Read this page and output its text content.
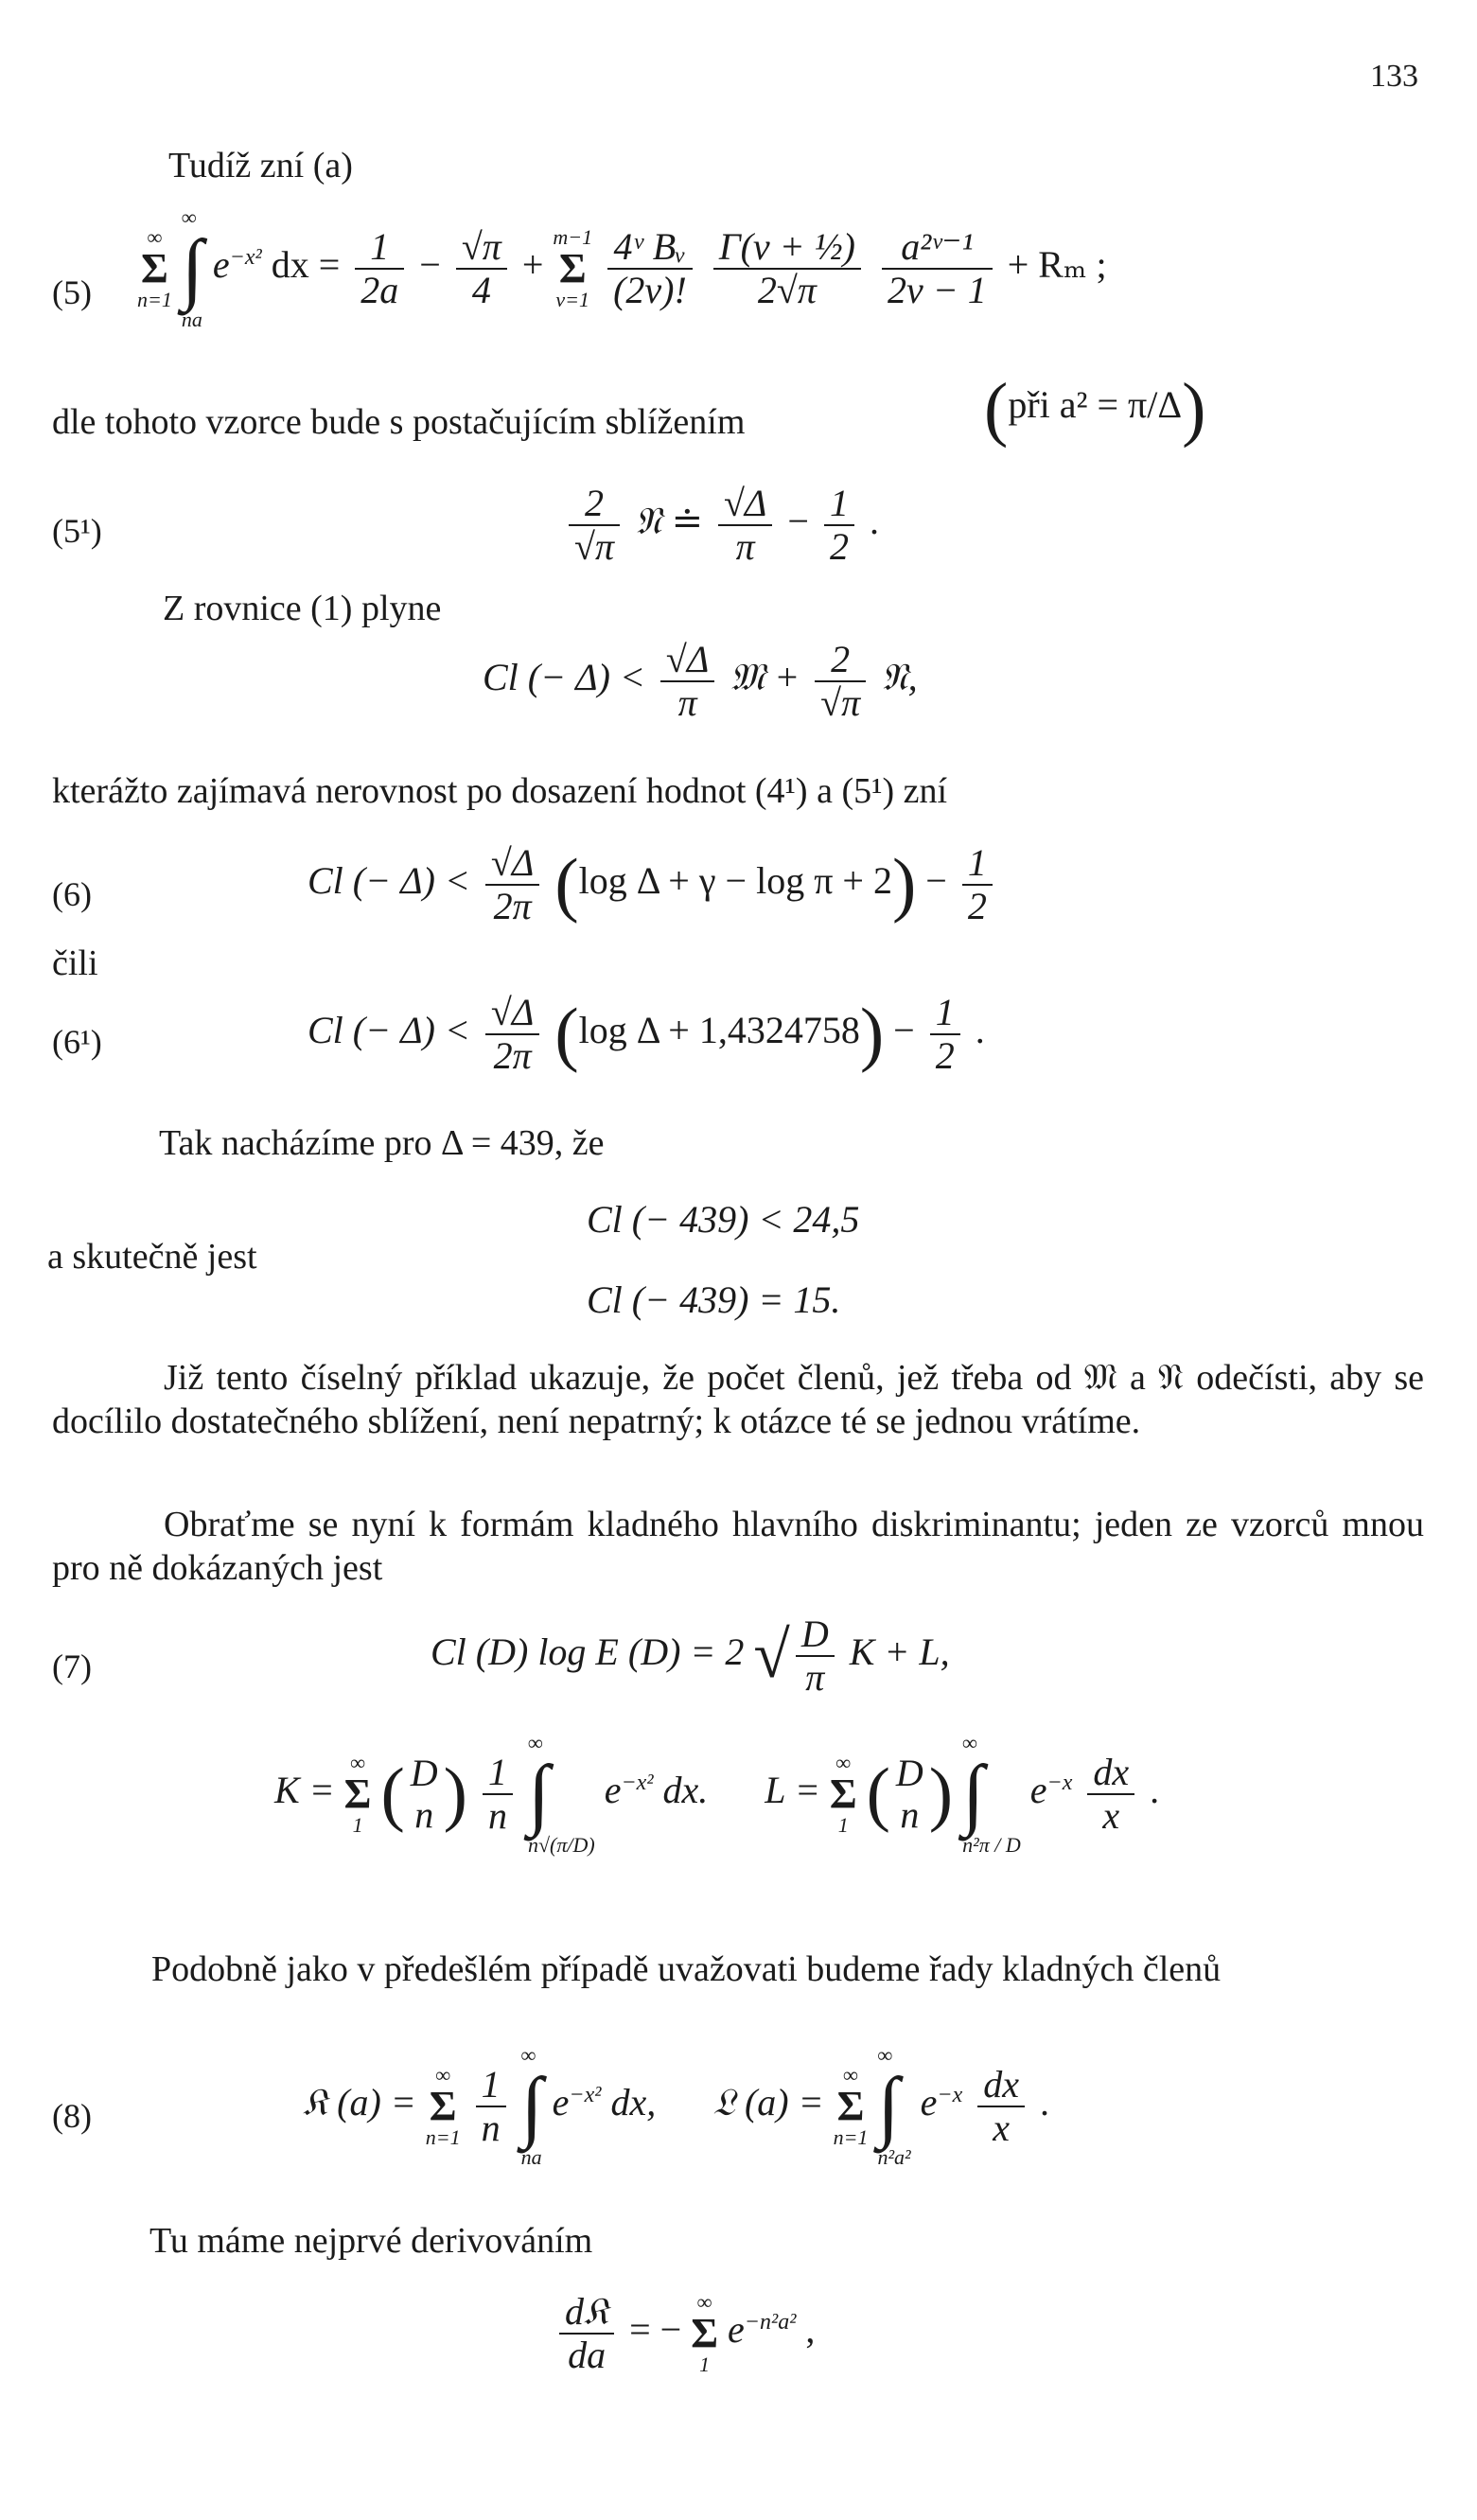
133
Tudíž zní (a)
(5)
∞
Σ
n=1

∞
∫
na
$e^{-x^2}$ dx = $\frac{1}{2a} - \frac{√\pi}{4}$ +
m−1
Σ
ν=1
$\frac{\text{4ᵛ Bᵥ}}{(2\nu)!}$
$\frac{\text{Γ(ν + ½)}}{2√\pi}$
$\frac{\text{a²ᵛ⁻¹}}{2\nu - 1} + R_m$ ;
dle tohoto vzorce bude s postačujícím sblížením	(při a² = π/Δ)
(5¹)	$\frac{2}{√\pi}$ 𝔑 ≐ $\frac{√\Delta}{\pi} - \frac{1}{2}$ .
Z rovnice (1) plyne
Cl (− $\Delta) < \frac{√\Delta}{\pi}$ 𝔐 + $\frac{2}{√\pi}$ 𝔑,
kterážto zajímavá nerovnost po dosazení hodnot (4¹) a (5¹) zní
(6)	Cl (− $\Delta) < \frac{√\Delta}{2\pi} (\log$ $\Delta + \gamma - \log \pi + 2) - \frac{1}{2}$
čili
(6¹)	Cl (− $\Delta) < \frac{√\Delta}{2\pi} (\log$ $\Delta + 1,4324758) - \frac{1}{2}$ .
Tak nacházíme pro Δ = 439, že
Cl (− 439) < 24,5
a skutečně jest
Cl (− 439) = 15.
Již tento číselný příklad ukazuje, že počet členů, jež třeba od 𝔐 a 𝔑 odečísti, aby se docílilo dostatečného sblížení, není nepatrný; k otázce té se jednou vrátíme.
Obraťme se nyní k formám kladného hlavního diskriminantu; jeden ze vzorců mnou pro ně dokázaných jest
(7)	Cl (D) log E (D) = 2 √ $\frac{D}{\pi}$ K + L,
K =
∞
Σ
1 ( D
n ) $\frac{1}{n}$

∞
∫
n√(π/D)
$e^{-x^2}$ dx. L =
∞
Σ
1 ( D
n )
∞
∫
n²π / D
$e^{-x} \frac{dx}{x}$ .
Podobně jako v předešlém případě uvažovati budeme řady kladných členů
(8)	𝔎 (a) =
∞
Σ
n=1
$\frac{1}{n}$

∞
∫
na
$e^{-x^2}$ dx, 𝔏 (a) =
∞
Σ
n=1

∞
∫
n²a²
$e^{-x} \frac{dx}{x}$ .
Tu máme nejprvé derivováním
$\frac{\text{d𝔎}}{da}$ = −
∞
Σ
1
$e^{-n^2a^2}$ ,
